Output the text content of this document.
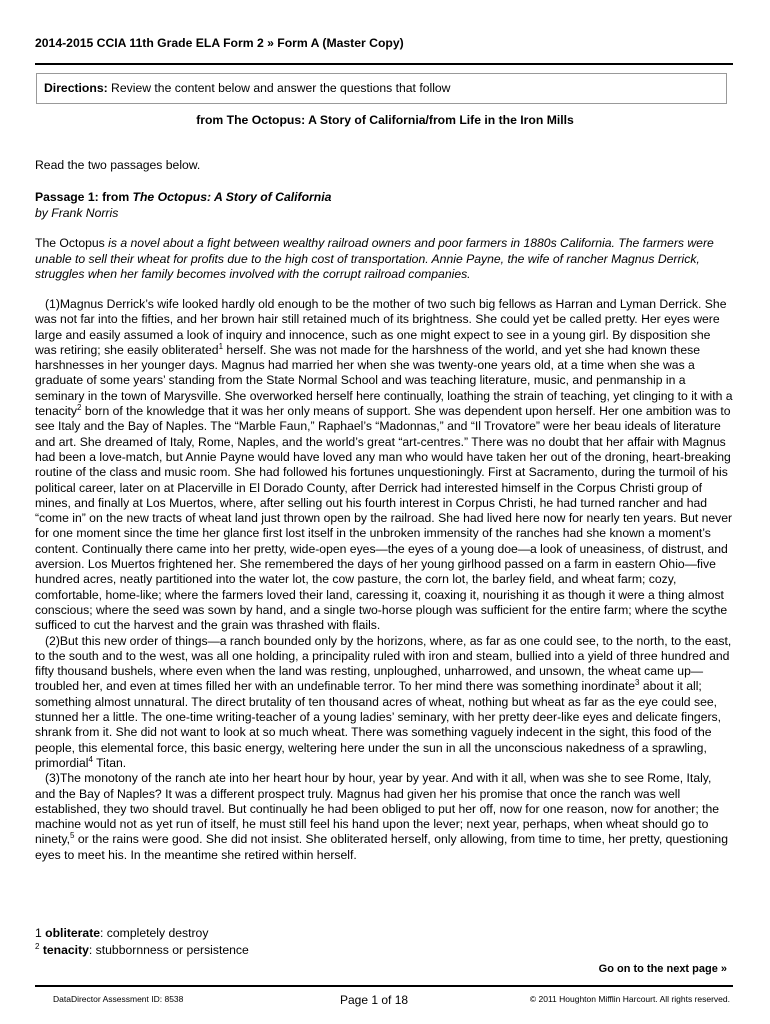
2014-2015 CCIA 11th Grade ELA Form 2 » Form A (Master Copy)
Directions: Review the content below and answer the questions that follow
from The Octopus: A Story of California/from Life in the Iron Mills
Read the two passages below.
Passage 1: from The Octopus: A Story of California
by Frank Norris
The Octopus is a novel about a fight between wealthy railroad owners and poor farmers in 1880s California. The farmers were unable to sell their wheat for profits due to the high cost of transportation. Annie Payne, the wife of rancher Magnus Derrick, struggles when her family becomes involved with the corrupt railroad companies.

(1)Magnus Derrick’s wife looked hardly old enough to be the mother of two such big fellows as Harran and Lyman Derrick. She was not far into the fifties, and her brown hair still retained much of its brightness. She could yet be called pretty. Her eyes were large and easily assumed a look of inquiry and innocence, such as one might expect to see in a young girl. By disposition she was retiring; she easily obliterated$^1$ herself. She was not made for the harshness of the world, and yet she had known these harshnesses in her younger days. Magnus had married her when she was twenty-one years old, at a time when she was a graduate of some years’ standing from the State Normal School and was teaching literature, music, and penmanship in a seminary in the town of Marysville. She overworked herself here continually, loathing the strain of teaching, yet clinging to it with a tenacity$^2$ born of the knowledge that it was her only means of support. She was dependent upon herself. Her one ambition was to see Italy and the Bay of Naples. The “Marble Faun,” Raphael’s “Madonnas,” and “Il Trovatore” were her beau ideals of literature and art. She dreamed of Italy, Rome, Naples, and the world’s great “art-centres.” There was no doubt that her affair with Magnus had been a love-match, but Annie Payne would have loved any man who would have taken her out of the droning, heart-breaking routine of the class and music room. She had followed his fortunes unquestioningly. First at Sacramento, during the turmoil of his political career, later on at Placerville in El Dorado County, after Derrick had interested himself in the Corpus Christi group of mines, and finally at Los Muertos, where, after selling out his fourth interest in Corpus Christi, he had turned rancher and had “come in” on the new tracts of wheat land just thrown open by the railroad. She had lived here now for nearly ten years. But never for one moment since the time her glance first lost itself in the unbroken immensity of the ranches had she known a moment’s content. Continually there came into her pretty, wide-open eyes—the eyes of a young doe—a look of uneasiness, of distrust, and aversion. Los Muertos frightened her. She remembered the days of her young girlhood passed on a farm in eastern Ohio—five hundred acres, neatly partitioned into the water lot, the cow pasture, the corn lot, the barley field, and wheat farm; cozy, comfortable, home-like; where the farmers loved their land, caressing it, coaxing it, nourishing it as though it were a thing almost conscious; where the seed was sown by hand, and a single two-horse plough was sufficient for the entire farm; where the scythe sufficed to cut the harvest and the grain was thrashed with flails.

(2)But this new order of things—a ranch bounded only by the horizons, where, as far as one could see, to the north, to the east, to the south and to the west, was all one holding, a principality ruled with iron and steam, bullied into a yield of three hundred and fifty thousand bushels, where even when the land was resting, unploughed, unharrowed, and unsown, the wheat came up—troubled her, and even at times filled her with an undefinable terror. To her mind there was something inordinate$^3$ about it all; something almost unnatural. The direct brutality of ten thousand acres of wheat, nothing but wheat as far as the eye could see, stunned her a little. The one-time writing-teacher of a young ladies’ seminary, with her pretty deer-like eyes and delicate fingers, shrank from it. She did not want to look at so much wheat. There was something vaguely indecent in the sight, this food of the people, this elemental force, this basic energy, weltering here under the sun in all the unconscious nakedness of a sprawling, primordial$^4$ Titan.

(3)The monotony of the ranch ate into her heart hour by hour, year by year. And with it all, when was she to see Rome, Italy, and the Bay of Naples? It was a different prospect truly. Magnus had given her his promise that once the ranch was well established, they two should travel. But continually he had been obliged to put her off, now for one reason, now for another; the machine would not as yet run of itself, he must still feel his hand upon the lever; next year, perhaps, when wheat should go to ninety,$^5$ or the rains were good. She did not insist. She obliterated herself, only allowing, from time to time, her pretty, questioning eyes to meet his. In the meantime she retired within herself.

1 obliterate: completely destroy
$^2$ tenacity: stubbornness or persistence
Go on to the next page »
DataDirector Assessment ID: 8538	Page 1 of 18	© 2011 Houghton Mifflin Harcourt. All rights reserved.
